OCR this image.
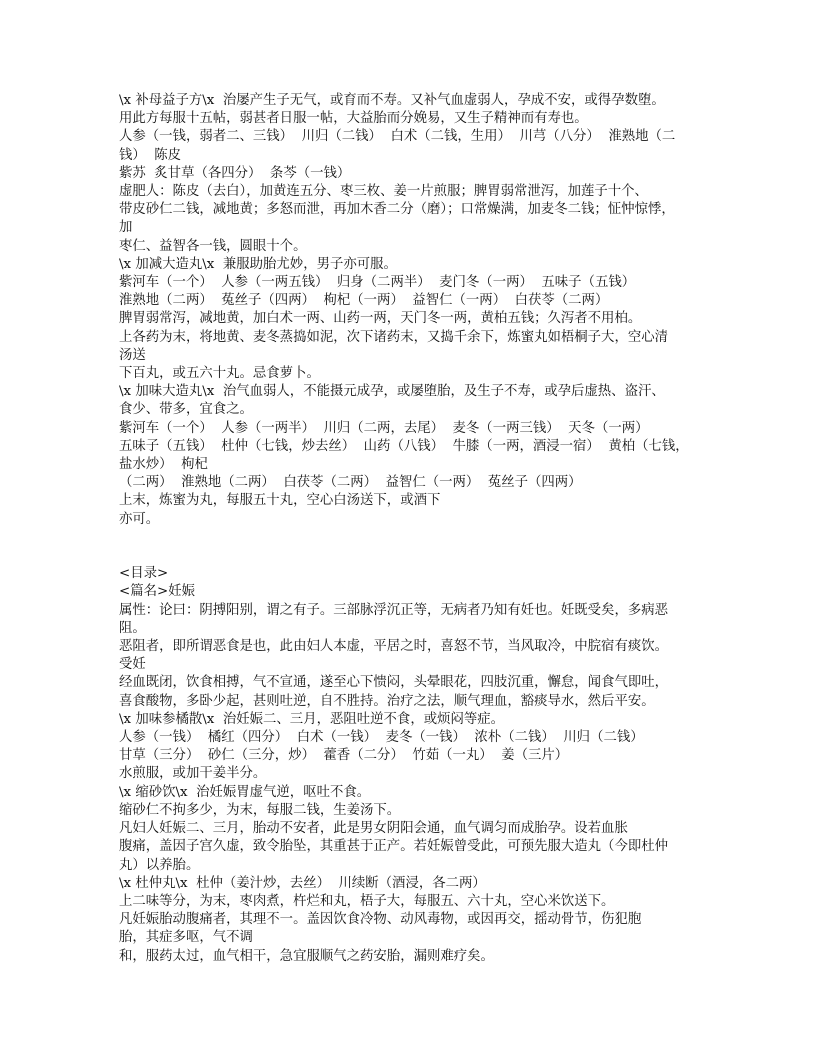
\x 补母益子方\x  治屡产生子无气，或育而不寿。又补气血虚弱人，孕成不安，或得孕数堕。
用此方每服十五帖，弱甚者日服一帖，大益胎而分娩易，又生子精神而有寿也。
人参（一钱，弱者二、三钱）  川归（二钱）  白术（二钱，生用）  川芎（八分）  淮熟地（二
钱）  陈皮
紫苏  炙甘草（各四分）  条芩（一钱）
虚肥人：陈皮（去白），加黄连五分、枣三枚、姜一片煎服；脾胃弱常泄泻，加莲子十个、
带皮砂仁二钱，减地黄；多怒而泄，再加木香二分（磨）；口常燥满，加麦冬二钱；怔忡惊悸，
加
枣仁、益智各一钱，圆眼十个。
\x 加减大造丸\x  兼服助胎尤妙，男子亦可服。
紫河车（一个）  人参（一两五钱）  归身（二两半）  麦门冬（一两）  五味子（五钱）
淮熟地（二两）  菟丝子（四两）  枸杞（一两）  益智仁（一两）  白茯苓（二两）
脾胃弱常泻，减地黄，加白术一两、山药一两，天门冬一两，黄柏五钱；久泻者不用柏。
上各药为末，将地黄、麦冬蒸捣如泥，次下诸药末，又捣千余下，炼蜜丸如梧桐子大，空心清
汤送
下百丸，或五六十丸。忌食萝卜。
\x 加味大造丸\x  治气血弱人，不能摄元成孕，或屡堕胎，及生子不寿，或孕后虚热、盗汗、
食少、带多，宜食之。
紫河车（一个）  人参（一两半）  川归（二两，去尾）  麦冬（一两三钱）  天冬（一两）
五味子（五钱）  杜仲（七钱，炒去丝）  山药（八钱）  牛膝（一两，酒浸一宿）  黄柏（七钱，
盐水炒）  枸杞
（二两）  淮熟地（二两）  白茯苓（二两）  益智仁（一两）  菟丝子（四两）
上末，炼蜜为丸，每服五十丸，空心白汤送下，或酒下
亦可。
<目录>
<篇名>妊娠
属性：论曰：阴搏阳别，谓之有子。三部脉浮沉正等，无病者乃知有妊也。妊既受矣，多病恶
阻。
恶阻者，即所谓恶食是也，此由妇人本虚，平居之时，喜怒不节，当风取冷，中脘宿有痰饮。
受妊
经血既闭，饮食相搏，气不宣通，遂至心下愦闷，头晕眼花，四肢沉重，懈怠，闻食气即吐，
喜食酸物，多卧少起，甚则吐逆，自不胜持。治疗之法，顺气理血，豁痰导水，然后平安。
\x 加味参橘散\x  治妊娠二、三月，恶阻吐逆不食，或烦闷等症。
人参（一钱）  橘红（四分）  白术（一钱）  麦冬（一钱）  浓朴（二钱）  川归（二钱）
甘草（三分）  砂仁（三分，炒）  藿香（二分）  竹茹（一丸）  姜（三片）
水煎服，或加干姜半分。
\x 缩砂饮\x  治妊娠胃虚气逆，呕吐不食。
缩砂仁不拘多少，为末，每服二钱，生姜汤下。
凡妇人妊娠二、三月，胎动不安者，此是男女阴阳会通，血气调匀而成胎孕。设若血胀
腹痛，盖因子宫久虚，致令胎坠，其重甚于正产。若妊娠曾受此，可预先服大造丸（今即杜仲
丸）以养胎。
\x 杜仲丸\x  杜仲（姜汁炒，去丝）  川续断（酒浸，各二两）
上二味等分，为末，枣肉煮，杵烂和丸，梧子大，每服五、六十丸，空心米饮送下。
凡妊娠胎动腹痛者，其理不一。盖因饮食冷物、动风毒物，或因再交，摇动骨节，伤犯胞
胎，其症多呕，气不调
和，服药太过，血气相干，急宜服顺气之药安胎，漏则难疗矣。
